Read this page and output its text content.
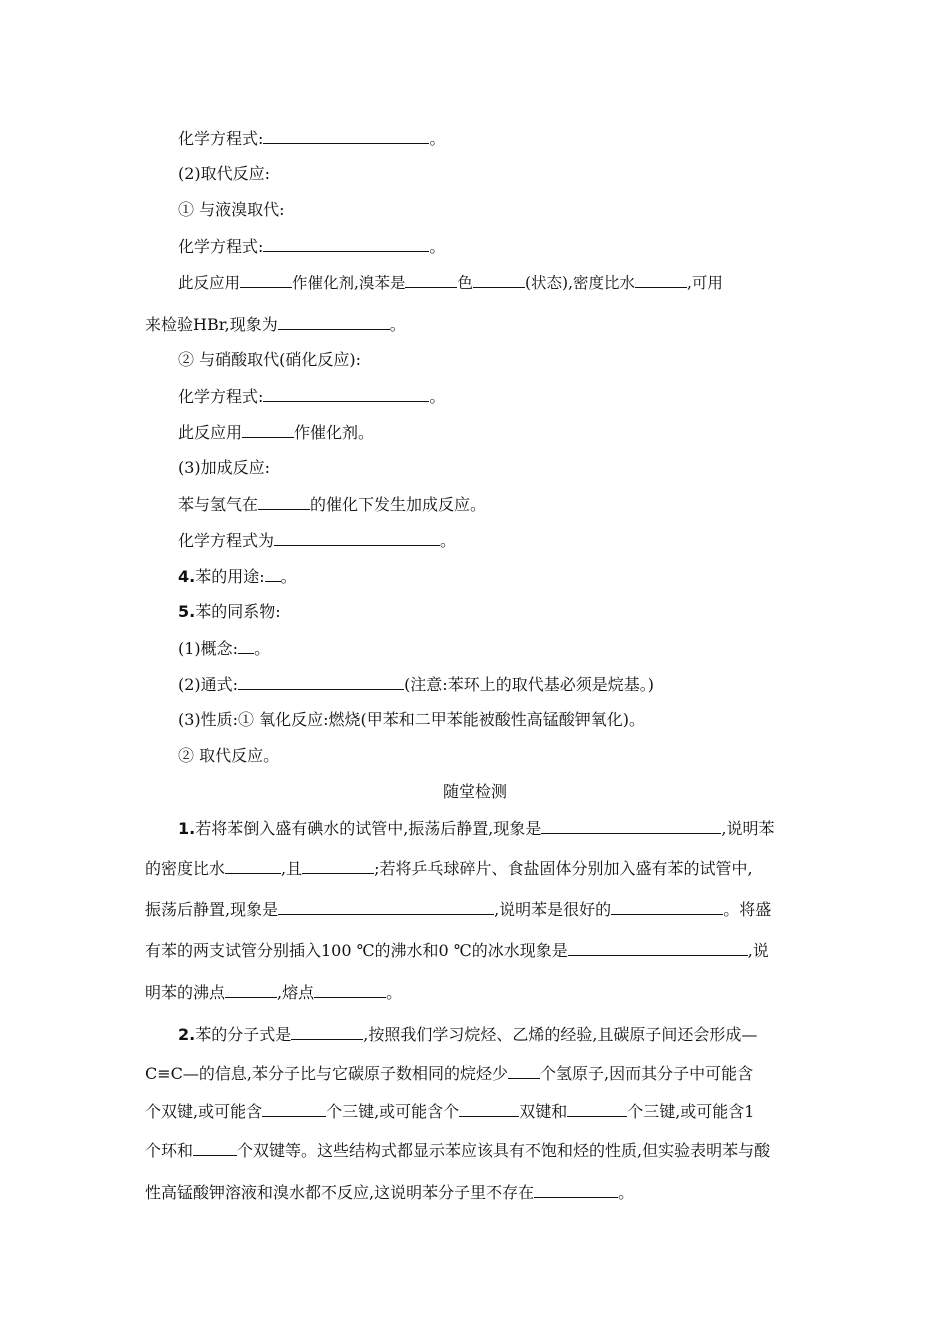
化学方程式:	。
(2)取代反应:
① 与液溴取代:
化学方程式:	。
此反应用	作催化剂,溴苯是	色	(状态),密度比水	,可用
来检验HBr,现象为	。
② 与硝酸取代(硝化反应):
化学方程式:	。
此反应用	作催化剂。
(3)加成反应:
苯与氢气在	的催化下发生加成反应。
化学方程式为	。
4.苯的用途: 。
5.苯的同系物:
(1)概念: 。
(2)通式:	(注意:苯环上的取代基必须是烷基。)
(3)性质:① 氧化反应:燃烧(甲苯和二甲苯能被酸性高锰酸钾氧化)。
② 取代反应。
随堂检测
1.若将苯倒入盛有碘水的试管中,振荡后静置,现象是	,说明苯
的密度比水	,且	;若将乒乓球碎片、食盐固体分别加入盛有苯的试管中,
振荡后静置,现象是	,说明苯是很好的	。将盛
有苯的两支试管分别插入100 ℃的沸水和0 ℃的冰水现象是	,说
明苯的沸点	,熔点	。
2.苯的分子式是	,按照我们学习烷烃、乙烯的经验,且碳原子间还会形成—
C≡C—的信息,苯分子比与它碳原子数相同的烷烃少 个氢原子,因而其分子中可能含
个双键,或可能含	个三键,或可能含个	双键和	个三键,或可能含1
个环和	个双键等。这些结构式都显示苯应该具有不饱和烃的性质,但实验表明苯与酸
性高锰酸钾溶液和溴水都不反应,这说明苯分子里不存在	。
